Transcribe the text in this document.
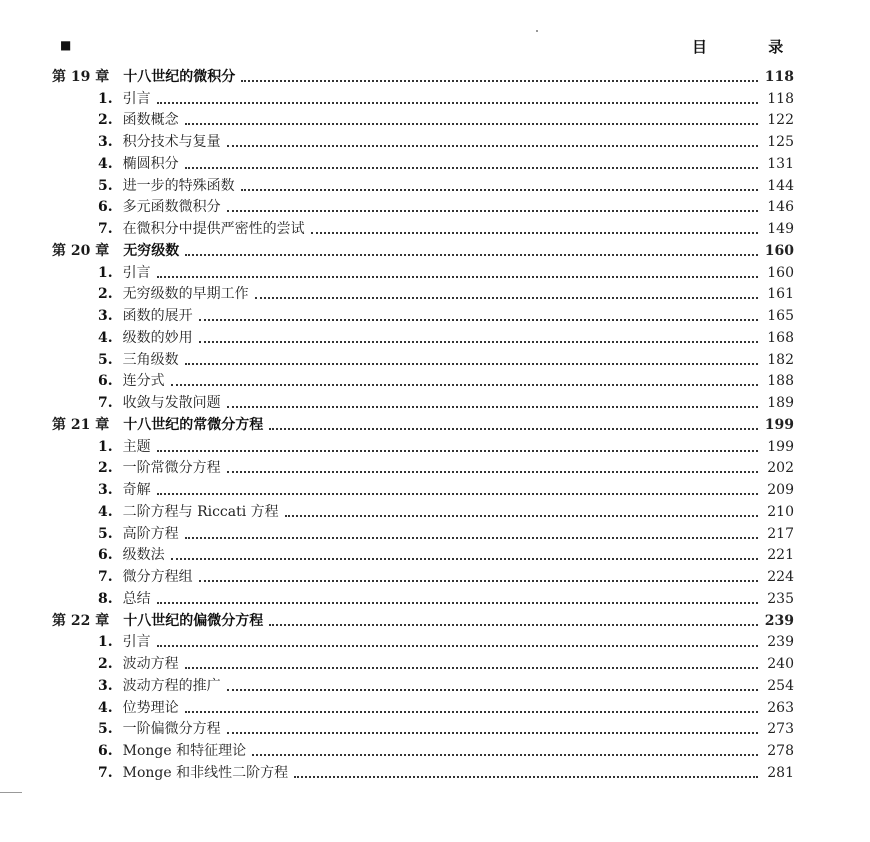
■	目 录
第 19 章 十八世纪的微积分	118
1. 引言	118
2. 函数概念	122
3. 积分技术与复量	125
4. 椭圆积分	131
5. 进一步的特殊函数	144
6. 多元函数微积分	146
7. 在微积分中提供严密性的尝试	149
第 20 章 无穷级数	160
1. 引言	160
2. 无穷级数的早期工作	161
3. 函数的展开	165
4. 级数的妙用	168
5. 三角级数	182
6. 连分式	188
7. 收敛与发散问题	189
第 21 章 十八世纪的常微分方程	199
1. 主题	199
2. 一阶常微分方程	202
3. 奇解	209
4. 二阶方程与 Riccati 方程	210
5. 高阶方程	217
6. 级数法	221
7. 微分方程组	224
8. 总结	235
第 22 章 十八世纪的偏微分方程	239
1. 引言	239
2. 波动方程	240
3. 波动方程的推广	254
4. 位势理论	263
5. 一阶偏微分方程	273
6. Monge 和特征理论	278
7. Monge 和非线性二阶方程	281
